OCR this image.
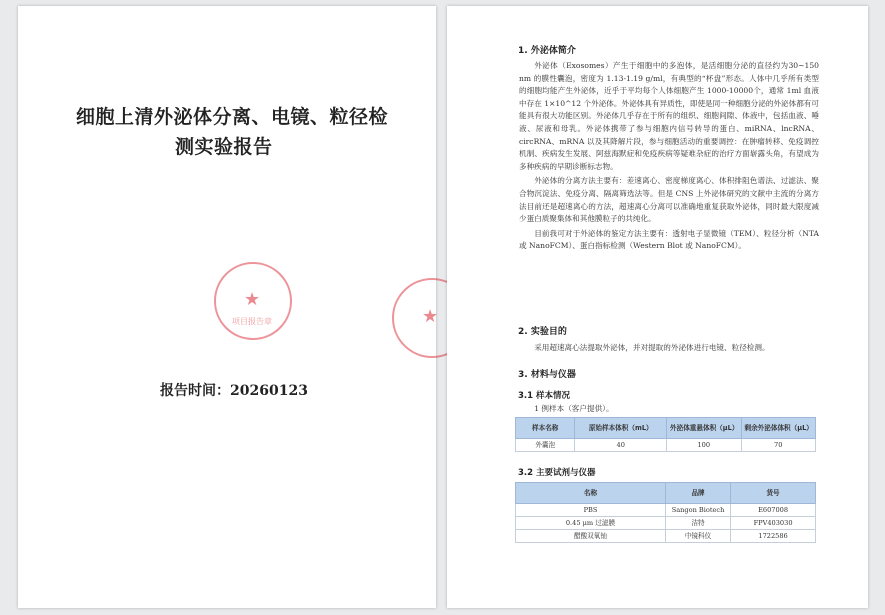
细胞上清外泌体分离、电镜、粒径检
测实验报告
★
项目报告章	★
报告时间：20260123
1. 外泌体简介

外泌体（Exosomes）产生于细胞中的多泡体，是活细胞分泌的直径约为30~150 nm 的膜性囊泡，密度为 1.13-1.19 g/ml，有典型的“杯盘”形态。人体中几乎所有类型的细胞均能产生外泌体，近乎于平均每个人体细胞产生 1000-10000个，通常 1ml 血液中存在 1×10^12 个外泌体。外泌体具有异质性，即使是同一种细胞分泌的外泌体都有可能具有很大功能区别。外泌体几乎存在于所有的组织、细胞间隙、体液中，包括血液、唾液、尿液和母乳。外泌体携带了参与细胞内信号转导的蛋白、miRNA、lncRNA、circRNA、mRNA 以及其降解片段，参与细胞活动的重要调控：在肿瘤转移、免疫调控机制、疾病发生发展、阿兹海默症和免疫疾病等疑难杂症的治疗方面崭露头角，有望成为多种疾病的早期诊断标志物。

外泌体的分离方法主要有：差速离心、密度梯度离心、体积排阻色谱法、过滤法、聚合物沉淀法、免疫分离、隔离筛选法等。但是 CNS 上外泌体研究的文献中主流的分离方法目前还是超速离心的方法，超速离心分离可以准确地重复获取外泌体，同时最大限度减少蛋白质聚集体和其他膜粒子的共纯化。

目前我可对于外泌体的鉴定方法主要有：透射电子显微镜（TEM）、粒径分析（NTA 或 NanoFCM）、蛋白指标检测（Western Blot 或 NanoFCM）。

2. 实验目的

采用超速离心法提取外泌体，并对提取的外泌体进行电镜、粒径检测。

3. 材料与仪器
3.1 样本情况

1 例样本（客户提供）。

样本名称	原始样本体积（mL）	外泌体重悬体积（μL）	剩余外泌体体积（μL）
外囊泡	40	100	70
3.2 主要试剂与仪器
名称	品牌	货号
PBS	Sangon Biotech	E607008
0.45 μm 过滤膜	洁特	FPV403030
醋酸双氧铀	中镜科仪	1722586
